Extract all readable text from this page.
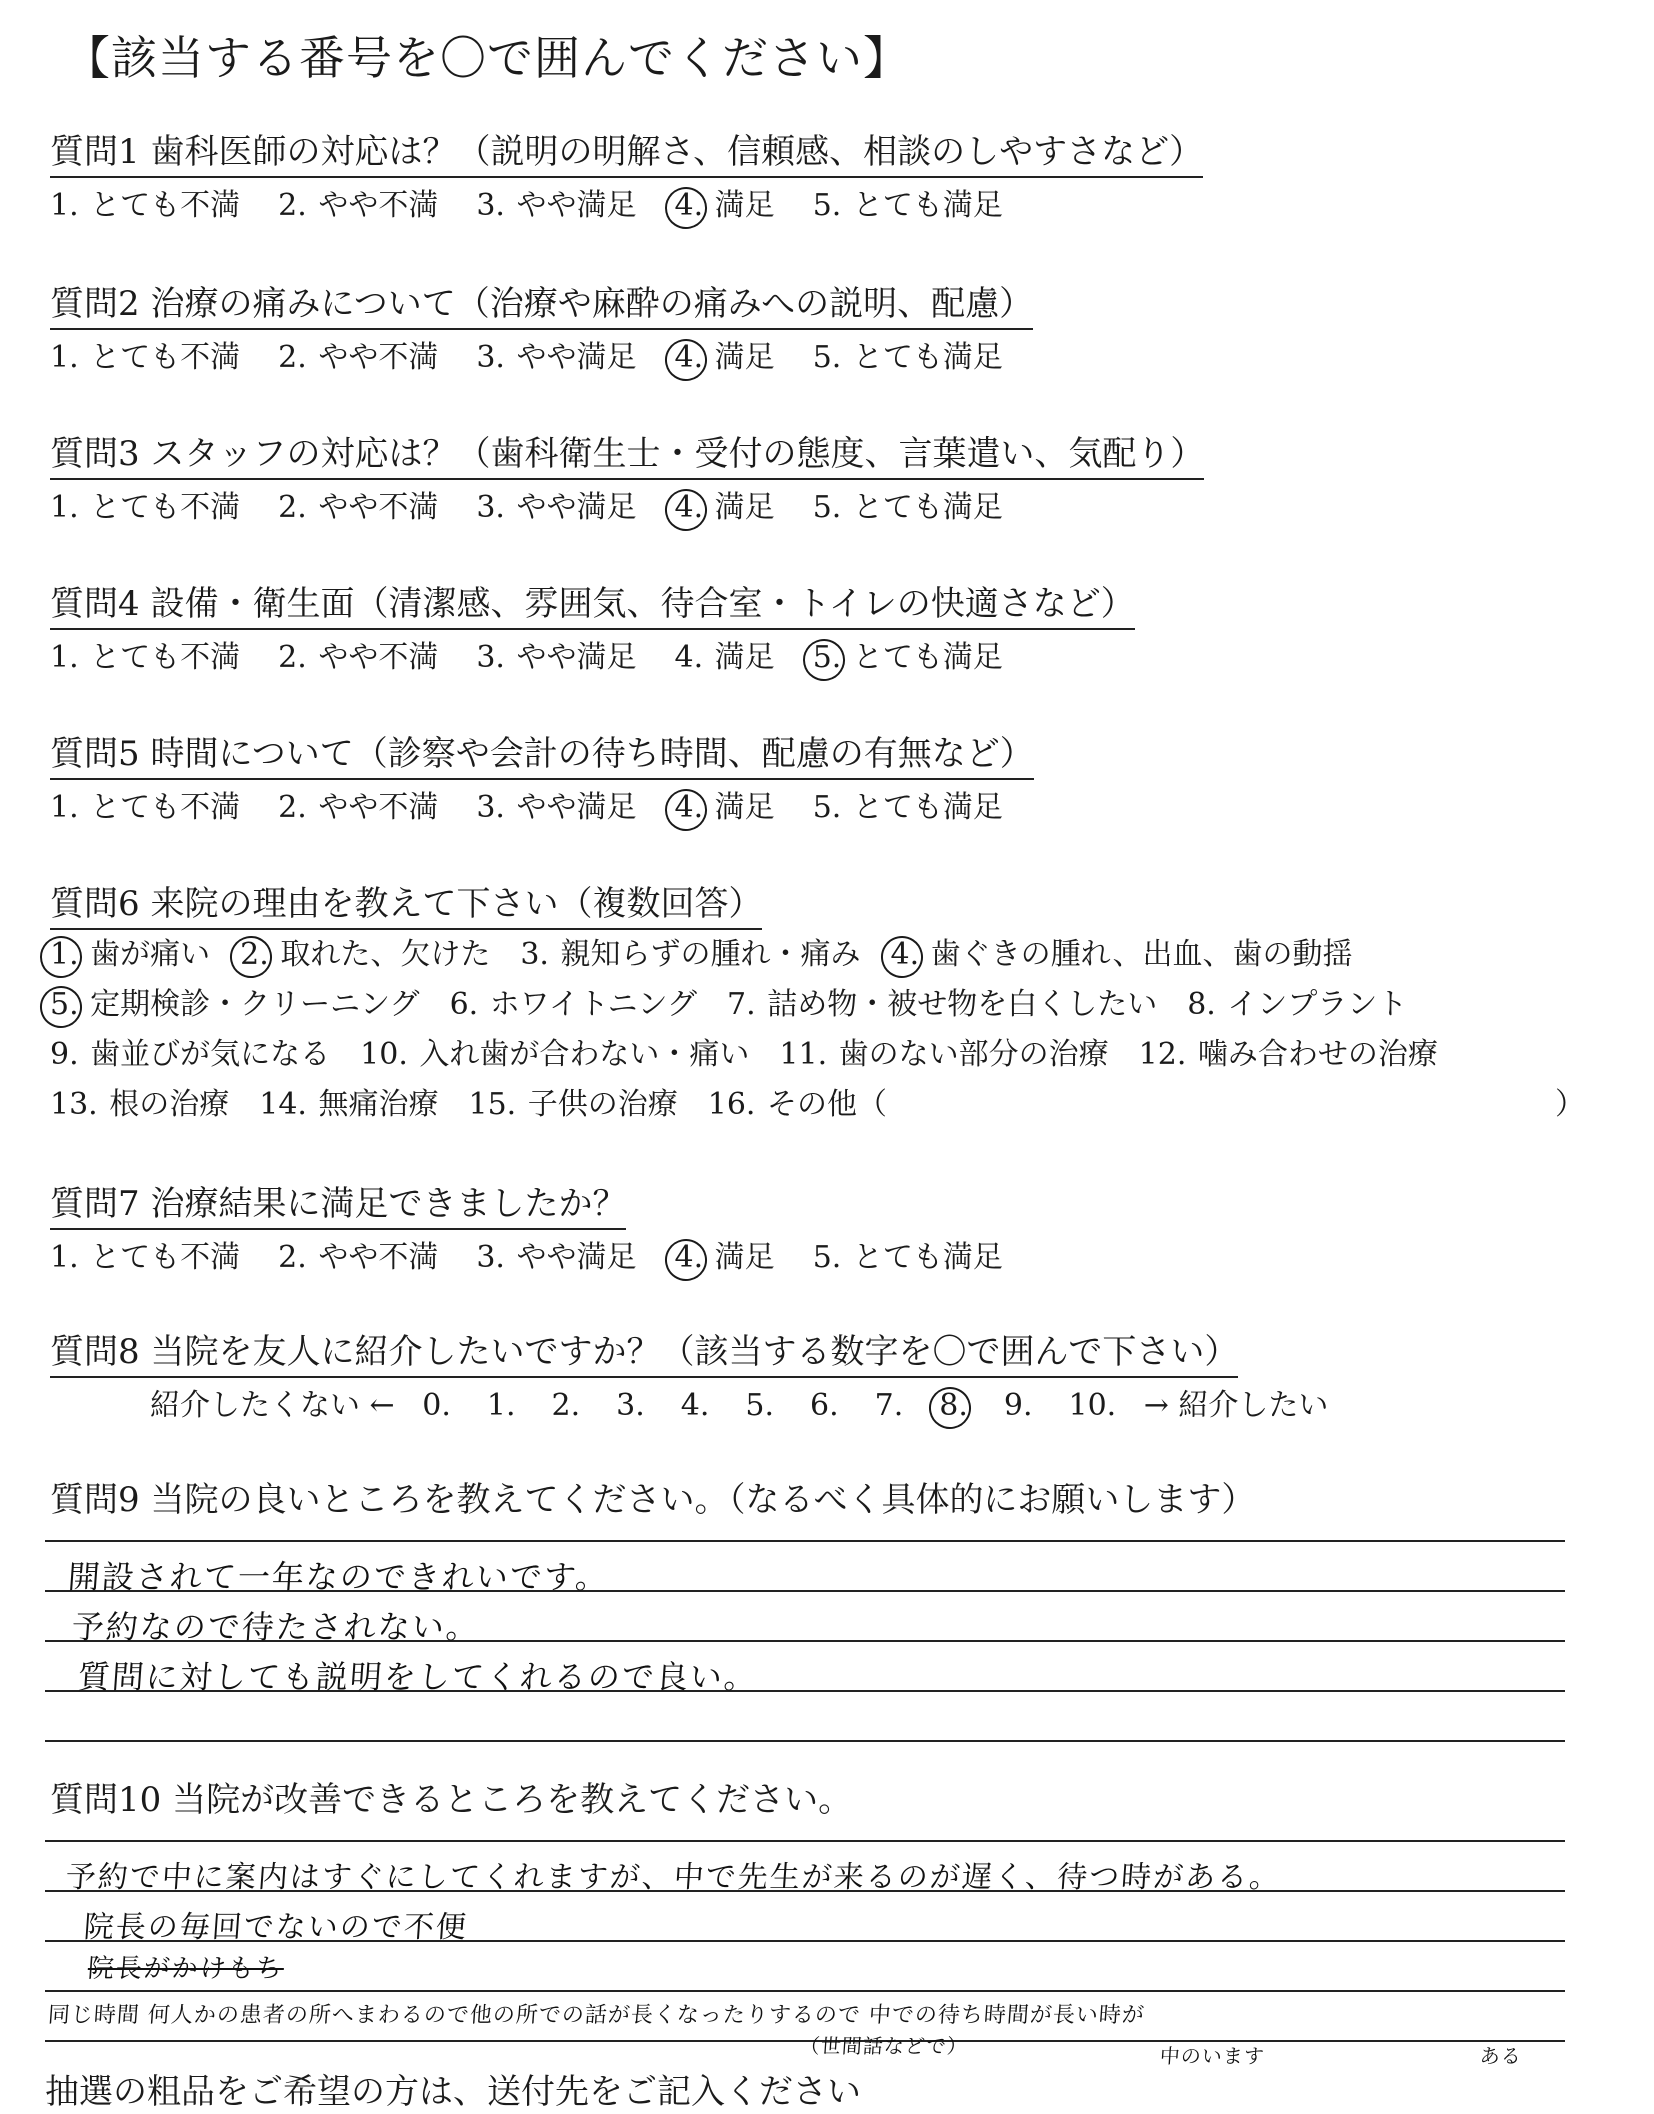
【該当する番号を〇で囲んでください】
質問1 歯科医師の対応は？（説明の明解さ、信頼感、相談のしやすさなど）
1. とても不満 2. やや不満 3. やや満足 4. 満足 5. とても満足
質問2 治療の痛みについて（治療や麻酔の痛みへの説明、配慮）
1. とても不満 2. やや不満 3. やや満足 4. 満足 5. とても満足
質問3 スタッフの対応は？（歯科衛生士・受付の態度、言葉遣い、気配り）
1. とても不満 2. やや不満 3. やや満足 4. 満足 5. とても満足
質問4 設備・衛生面（清潔感、雰囲気、待合室・トイレの快適さなど）
1. とても不満 2. やや不満 3. やや満足 4. 満足 5. とても満足
質問5 時間について（診察や会計の待ち時間、配慮の有無など）
1. とても不満 2. やや不満 3. やや満足 4. 満足 5. とても満足
質問6 来院の理由を教えて下さい（複数回答）
1. 歯が痛い 2. 取れた、欠けた 3. 親知らずの腫れ・痛み 4. 歯ぐきの腫れ、出血、歯の動揺
5. 定期検診・クリーニング 6. ホワイトニング 7. 詰め物・被せ物を白くしたい 8. インプラント
9. 歯並びが気になる 10. 入れ歯が合わない・痛い 11. 歯のない部分の治療 12. 噛み合わせの治療
13. 根の治療 14. 無痛治療 15. 子供の治療 16. その他（	）
質問7 治療結果に満足できましたか？
1. とても不満 2. やや不満 3. やや満足 4. 満足 5. とても満足
質問8 当院を友人に紹介したいですか？（該当する数字を〇で囲んで下さい）
紹介したくない ← 0. 1. 2. 3. 4. 5. 6. 7. 8. 9. 10. → 紹介したい
質問9 当院の良いところを教えてください。（なるべく具体的にお願いします）
開設されて一年なのできれいです。
予約なので待たされない。
質問に対しても説明をしてくれるので良い。
質問10 当院が改善できるところを教えてください。
予約で中に案内はすぐにしてくれますが、中で先生が来るのが遅く、待つ時がある。
院長の毎回でないので不便
院長がかけもち
同じ時間 何人かの患者の所へまわるので他の所での話が長くなったりするので 中での待ち時間が長い時が
（世間話などで）	中のいます	ある
抽選の粗品をご希望の方は、送付先をご記入ください
